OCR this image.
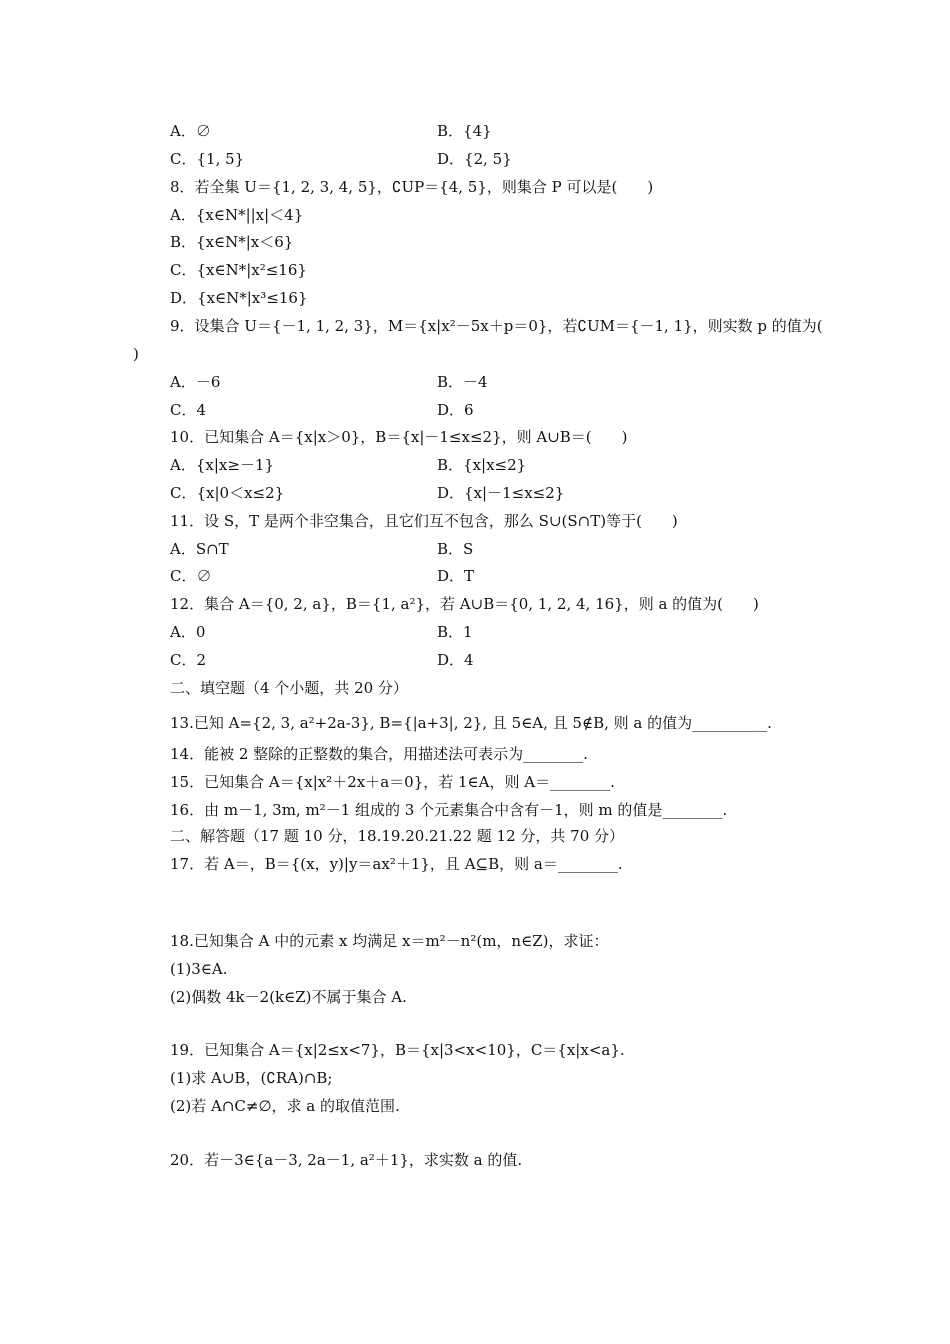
A．∅	B．{4}
C．{1, 5}	D．{2, 5}
8．若全集 U＝{1, 2, 3, 4, 5}，∁UP＝{4, 5}，则集合 P 可以是(　　)
A．{x∈N*||x|＜4}
B．{x∈N*|x＜6}
C．{x∈N*|x²≤16}
D．{x∈N*|x³≤16}
9．设集合 U＝{－1, 1, 2, 3}，M＝{x|x²－5x＋p＝0}，若∁UM＝{－1, 1}，则实数 p 的值为(
)
A．－6	B．－4
C．4	D．6
10．已知集合 A＝{x|x＞0}，B＝{x|－1≤x≤2}，则 A∪B＝(　　)
A．{x|x≥－1}	B．{x|x≤2}
C．{x|0＜x≤2}	D．{x|－1≤x≤2}
11．设 S，T 是两个非空集合，且它们互不包含，那么 S∪(S∩T)等于(　　)
A．S∩T	B．S
C．∅	D．T
12．集合 A＝{0, 2, a}，B＝{1, a²}，若 A∪B＝{0, 1, 2, 4, 16}，则 a 的值为(　　)
A．0	B．1
C．2	D．4
二、填空题（4 个小题，共 20 分）
13.已知 A={2, 3, a²+2a-3}, B={|a+3|, 2}, 且 5∈A, 且 5∉B, 则 a 的值为__________.
14．能被 2 整除的正整数的集合，用描述法可表示为________.
15．已知集合 A＝{x|x²＋2x＋a＝0}，若 1∈A，则 A＝________.
16．由 m－1, 3m, m²－1 组成的 3 个元素集合中含有－1，则 m 的值是________.
二、解答题（17 题 10 分，18.19.20.21.22 题 12 分，共 70 分）
17．若 A＝，B＝{(x，y)|y＝ax²＋1}，且 A⊆B，则 a＝________.
18.已知集合 A 中的元素 x 均满足 x＝m²－n²(m，n∈Z)，求证：
(1)3∈A.
(2)偶数 4k－2(k∈Z)不属于集合 A.
19．已知集合 A＝{x|2≤x<7}，B＝{x|3<x<10}，C＝{x|x<a}.
(1)求 A∪B，(∁RA)∩B;
(2)若 A∩C≠∅，求 a 的取值范围.
20．若－3∈{a－3, 2a－1, a²＋1}，求实数 a 的值.
